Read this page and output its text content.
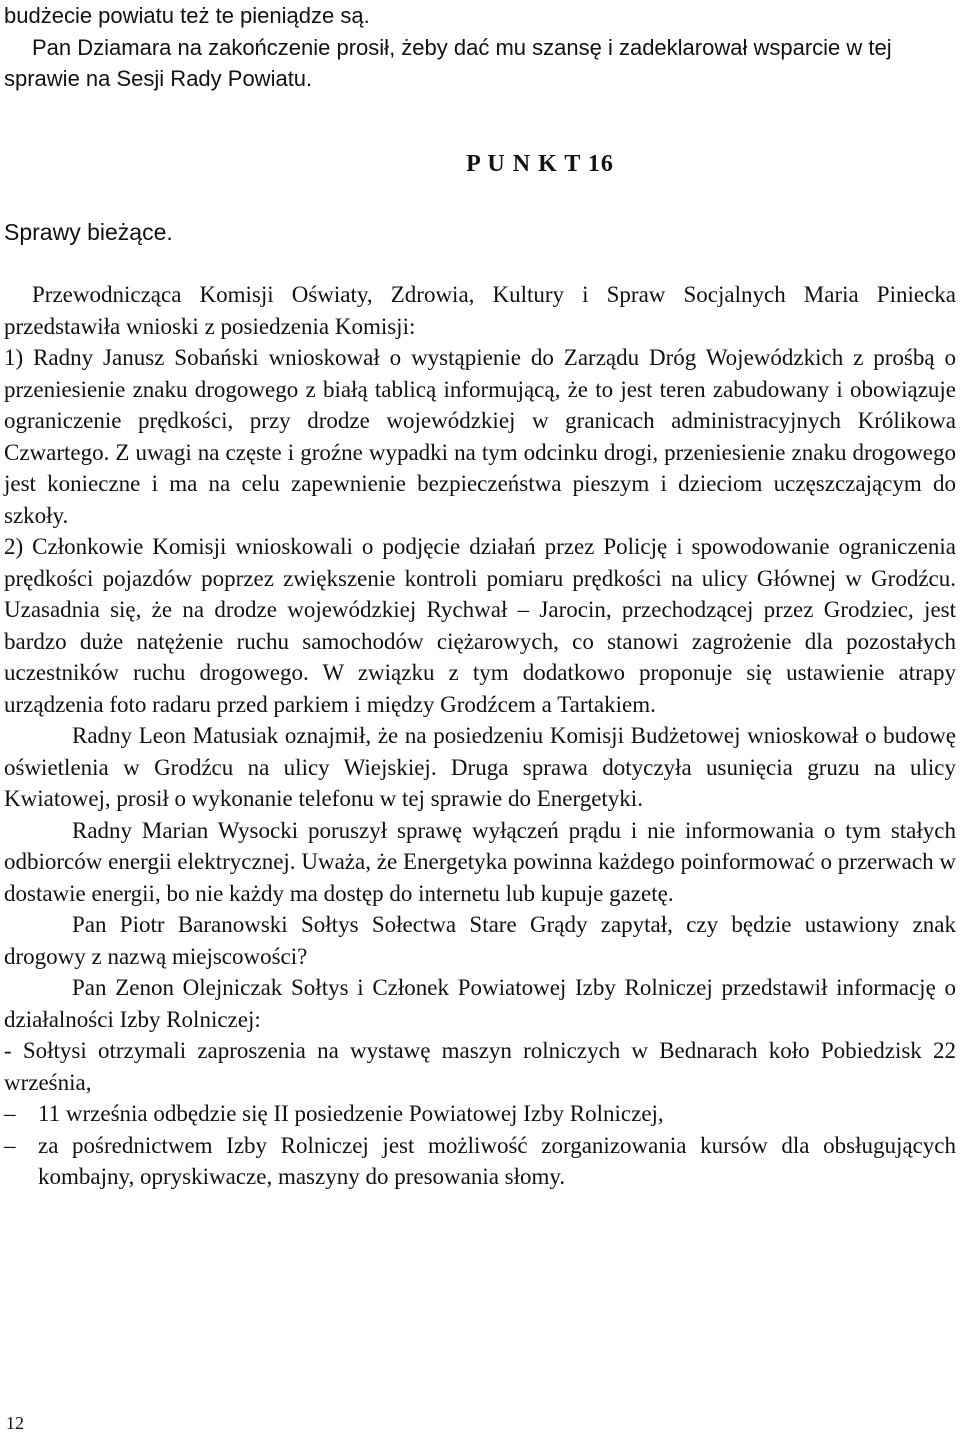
budżecie powiatu też te pieniądze są.

Pan Dziamara na zakończenie prosił, żeby dać mu szansę i zadeklarował wsparcie w tej sprawie na Sesji Rady Powiatu.

P U N K T 16
Sprawy bieżące.

Przewodnicząca Komisji Oświaty, Zdrowia, Kultury i Spraw Socjalnych Maria Piniecka przedstawiła wnioski z posiedzenia Komisji:

1) Radny Janusz Sobański wnioskował o wystąpienie do Zarządu Dróg Wojewódzkich z prośbą o przeniesienie znaku drogowego z białą tablicą informującą, że to jest teren zabudowany i obowiązuje ograniczenie prędkości, przy drodze wojewódzkiej w granicach administracyjnych Królikowa Czwartego. Z uwagi na częste i groźne wypadki na tym odcinku drogi, przeniesienie znaku drogowego jest konieczne i ma na celu zapewnienie bezpieczeństwa pieszym i dzieciom uczęszczającym do szkoły.

2) Członkowie Komisji wnioskowali o podjęcie działań przez Policję i spowodowanie ograniczenia prędkości pojazdów poprzez zwiększenie kontroli pomiaru prędkości na ulicy Głównej w Grodźcu. Uzasadnia się, że na drodze wojewódzkiej Rychwał – Jarocin, przechodzącej przez Grodziec, jest bardzo duże natężenie ruchu samochodów ciężarowych, co stanowi zagrożenie dla pozostałych uczestników ruchu drogowego. W związku z tym dodatkowo proponuje się ustawienie atrapy urządzenia foto radaru przed parkiem i między Grodźcem a Tartakiem.

Radny Leon Matusiak oznajmił, że na posiedzeniu Komisji Budżetowej wnioskował o budowę oświetlenia w Grodźcu na ulicy Wiejskiej. Druga sprawa dotyczyła usunięcia gruzu na ulicy Kwiatowej, prosił o wykonanie telefonu w tej sprawie do Energetyki.

Radny Marian Wysocki poruszył sprawę wyłączeń prądu i nie informowania o tym stałych odbiorców energii elektrycznej. Uważa, że Energetyka powinna każdego poinformować o przerwach w dostawie energii, bo nie każdy ma dostęp do internetu lub kupuje gazetę.

Pan Piotr Baranowski Sołtys Sołectwa Stare Grądy zapytał, czy będzie ustawiony znak drogowy z nazwą miejscowości?

Pan Zenon Olejniczak Sołtys i Członek Powiatowej Izby Rolniczej przedstawił informację o działalności Izby Rolniczej:

- Sołtysi otrzymali zaproszenia na wystawę maszyn rolniczych w Bednarach koło Pobiedzisk 22 września,

– 11 września odbędzie się II posiedzenie Powiatowej Izby Rolniczej,
– za pośrednictwem Izby Rolniczej jest możliwość zorganizowania kursów dla obsługujących kombajny, opryskiwacze, maszyny do presowania słomy.
12
